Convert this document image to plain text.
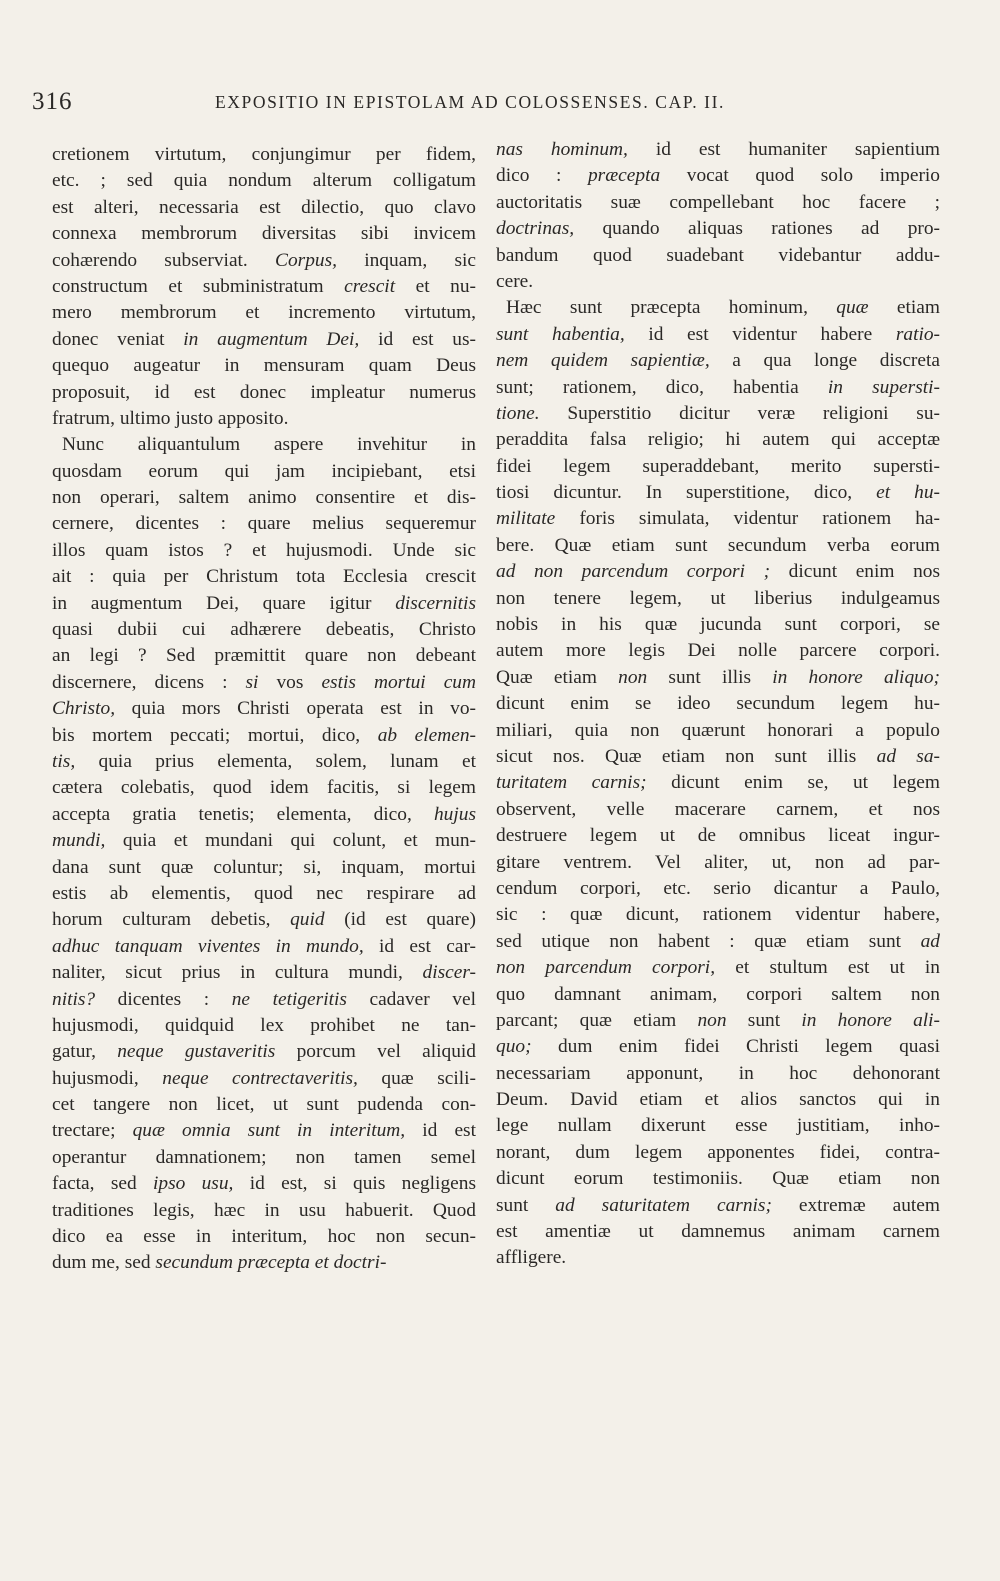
316	EXPOSITIO IN EPISTOLAM AD COLOSSENSES. CAP. II.
cretionem virtutum, conjungimur per fidem,
etc. ; sed quia nondum alterum colligatum
est alteri, necessaria est dilectio, quo clavo
connexa membrorum diversitas sibi invicem
cohærendo subserviat. Corpus, inquam, sic
constructum et subministratum crescit et nu-
mero membrorum et incremento virtutum,
donec veniat in augmentum Dei, id est us-
quequo augeatur in mensuram quam Deus
proposuit, id est donec impleatur numerus
fratrum, ultimo justo apposito.
Nunc aliquantulum aspere invehitur in
quosdam eorum qui jam incipiebant, etsi
non operari, saltem animo consentire et dis-
cernere, dicentes : quare melius sequeremur
illos quam istos ? et hujusmodi. Unde sic
ait : quia per Christum tota Ecclesia crescit
in augmentum Dei, quare igitur discernitis
quasi dubii cui adhærere debeatis, Christo
an legi ? Sed præmittit quare non debeant
discernere, dicens : si vos estis mortui cum
Christo, quia mors Christi operata est in vo-
bis mortem peccati; mortui, dico, ab elemen-
tis, quia prius elementa, solem, lunam et
cætera colebatis, quod idem facitis, si legem
accepta gratia tenetis; elementa, dico, hujus
mundi, quia et mundani qui colunt, et mun-
dana sunt quæ coluntur; si, inquam, mortui
estis ab elementis, quod nec respirare ad
horum culturam debetis, quid (id est quare)
adhuc tanquam viventes in mundo, id est car-
naliter, sicut prius in cultura mundi, discer-
nitis? dicentes : ne tetigeritis cadaver vel
hujusmodi, quidquid lex prohibet ne tan-
gatur, neque gustaveritis porcum vel aliquid
hujusmodi, neque contrectaveritis, quæ scili-
cet tangere non licet, ut sunt pudenda con-
trectare; quæ omnia sunt in interitum, id est
operantur damnationem; non tamen semel
facta, sed ipso usu, id est, si quis negligens
traditiones legis, hæc in usu habuerit. Quod
dico ea esse in interitum, hoc non secun-
dum me, sed secundum præcepta et doctri-
nas hominum, id est humaniter sapientium
dico : præcepta vocat quod solo imperio
auctoritatis suæ compellebant hoc facere ;
doctrinas, quando aliquas rationes ad pro-
bandum quod suadebant videbantur addu-
cere.
Hæc sunt præcepta hominum, quæ etiam
sunt habentia, id est videntur habere ratio-
nem quidem sapientiæ, a qua longe discreta
sunt; rationem, dico, habentia in supersti-
tione. Superstitio dicitur veræ religioni su-
peraddita falsa religio; hi autem qui acceptæ
fidei legem superaddebant, merito supersti-
tiosi dicuntur. In superstitione, dico, et hu-
militate foris simulata, videntur rationem ha-
bere. Quæ etiam sunt secundum verba eorum
ad non parcendum corpori ; dicunt enim nos
non tenere legem, ut liberius indulgeamus
nobis in his quæ jucunda sunt corpori, se
autem more legis Dei nolle parcere corpori.
Quæ etiam non sunt illis in honore aliquo;
dicunt enim se ideo secundum legem hu-
miliari, quia non quærunt honorari a populo
sicut nos. Quæ etiam non sunt illis ad sa-
turitatem carnis; dicunt enim se, ut legem
observent, velle macerare carnem, et nos
destruere legem ut de omnibus liceat ingur-
gitare ventrem. Vel aliter, ut, non ad par-
cendum corpori, etc. serio dicantur a Paulo,
sic : quæ dicunt, rationem videntur habere,
sed utique non habent : quæ etiam sunt ad
non parcendum corpori, et stultum est ut in
quo damnant animam, corpori saltem non
parcant; quæ etiam non sunt in honore ali-
quo; dum enim fidei Christi legem quasi
necessariam apponunt, in hoc dehonorant
Deum. David etiam et alios sanctos qui in
lege nullam dixerunt esse justitiam, inho-
norant, dum legem apponentes fidei, contra-
dicunt eorum testimoniis. Quæ etiam non
sunt ad saturitatem carnis; extremæ autem
est amentiæ ut damnemus animam carnem
affligere.
